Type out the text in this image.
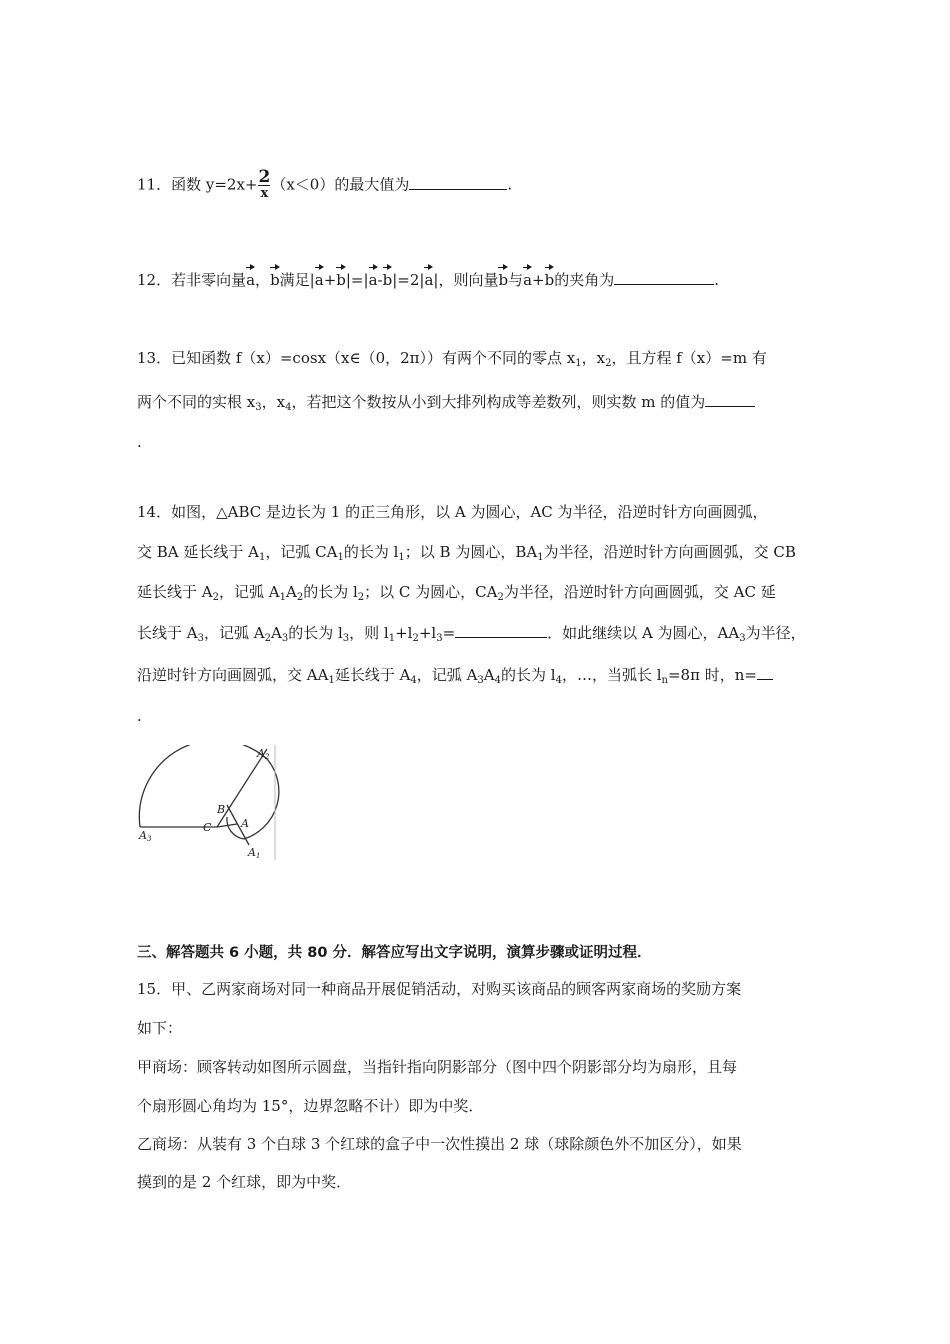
11．函数 $y=2x+ \frac{2}{x} (x<0)$的最大值为	.
12．若非零向量a，b满足|a+b|=|a-b|=2|a|，则向量b与a+b的夹角为	.
13．已知函数 f（x）=cosx（x∈（0，2π））有两个不同的零点 $x_1$，$x_2$，且方程 f（x）=m 有
两个不同的实根 $x_3$，$x_4$，若把这个数按从小到大排列构成等差数列，则实数 m 的值为
.
14．如图，△ABC 是边长为 1 的正三角形，以 A 为圆心，AC 为半径，沿逆时针方向画圆弧，
交 BA 延长线于 $A_1$，记弧 $CA_1$的长为 $l_1$；以 B 为圆心，$BA_1$为半径，沿逆时针方向画圆弧，交 CB
延长线于 $A_2$，记弧 $A_1A_2$的长为 $l_2$；以 C 为圆心，$CA_2$为半径，沿逆时针方向画圆弧，交 AC 延
长线于 $A_3$，记弧 $A_2A_3$的长为 $l_3$，则 $l_1+l_2+l_3=$	．如此继续以 A 为圆心，$AA_3$为半径，
沿逆时针方向画圆弧，交 $AA_1$延长线于 $A_4$，记弧 $A_3A_4$的长为 $l_4$，…，当弧长 $l_n=8\pi$ 时，n=
.
A2
B
A
C
A3
A1
三、解答题共 6 小题，共 80 分．解答应写出文字说明，演算步骤或证明过程．
15．甲、乙两家商场对同一种商品开展促销活动，对购买该商品的顾客两家商场的奖励方案
如下：
甲商场：顾客转动如图所示圆盘，当指针指向阴影部分（图中四个阴影部分均为扇形，且每
个扇形圆心角均为 15°，边界忽略不计）即为中奖．
乙商场：从装有 3 个白球 3 个红球的盒子中一次性摸出 2 球（球除颜色外不加区分），如果
摸到的是 2 个红球，即为中奖．
